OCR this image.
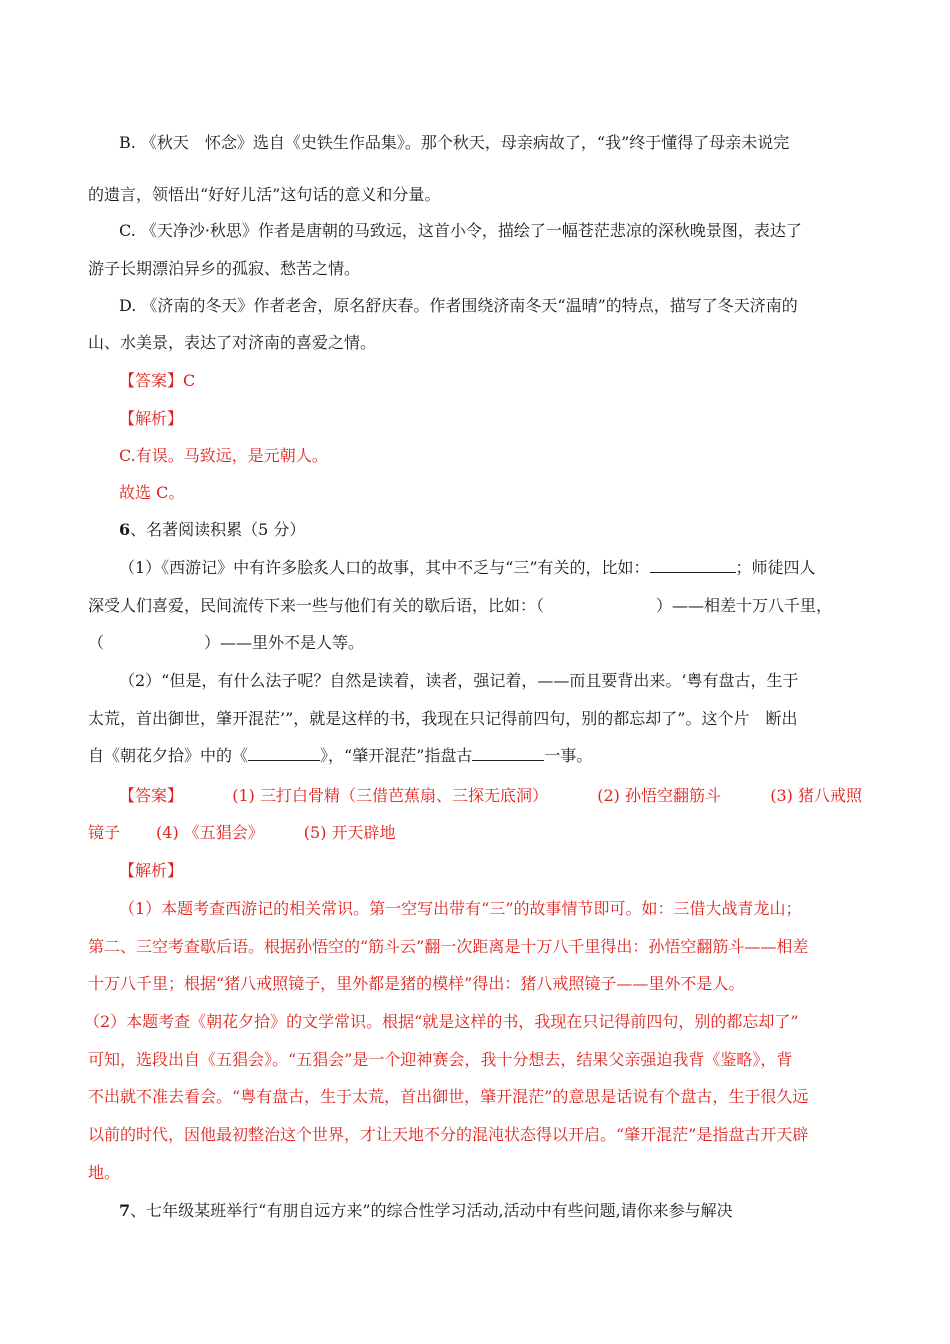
B. 《秋天　怀念》选自《史铁生作品集》。那个秋天，母亲病故了，“我”终于懂得了母亲未说完
的遗言，领悟出“好好儿活”这句话的意义和分量。
C. 《天净沙·秋思》作者是唐朝的马致远，这首小令，描绘了一幅苍茫悲凉的深秋晚景图，表达了
游子长期漂泊异乡的孤寂、愁苦之情。
D. 《济南的冬天》作者老舍，原名舒庆春。作者围绕济南冬天“温晴”的特点，描写了冬天济南的
山、水美景，表达了对济南的喜爱之情。
【答案】C
【解析】
C.有误。马致远，是元朝人。
故选 C。
6、名著阅读积累（5 分）
（1）《西游记》中有许多脍炙人口的故事，其中不乏与“三”有关的，比如：	；师徒四人
深受人们喜爱，民间流传下来一些与他们有关的歇后语，比如：（	）——相差十万八千里，
（	）——里外不是人等。
（2）“但是，有什么法子呢？自然是读着，读者，强记着，——而且要背出来。‘粤有盘古，生于
太荒，首出御世，肇开混茫’”，就是这样的书，我现在只记得前四句，别的都忘却了”。这个片　断出
自《朝花夕拾》中的《	》，“肇开混茫”指盘古	一事。
【答案】	(1) 三打白骨精（三借芭蕉扇、三探无底洞）	(2) 孙悟空翻筋斗	(3) 猪八戒照
镜子 (4) 《五猖会》	(5) 开天辟地
【解析】
（1）本题考查西游记的相关常识。第一空写出带有“三”的故事情节即可。如：三借大战青龙山；
第二、三空考查歇后语。根据孙悟空的“筋斗云”翻一次距离是十万八千里得出：孙悟空翻筋斗——相差
十万八千里；根据“猪八戒照镜子，里外都是猪的模样”得出：猪八戒照镜子——里外不是人。
（2）本题考查《朝花夕拾》的文学常识。根据“就是这样的书，我现在只记得前四句，别的都忘却了”
可知，选段出自《五猖会》。“五猖会”是一个迎神赛会，我十分想去，结果父亲强迫我背《鉴略》，背
不出就不准去看会。“粤有盘古，生于太荒，首出御世，肇开混茫”的意思是话说有个盘古，生于很久远
以前的时代，因他最初整治这个世界，才让天地不分的混沌状态得以开启。“肇开混茫”是指盘古开天辟
地。
7、七年级某班举行“有朋自远方来”的综合性学习活动,活动中有些问题,请你来参与解决
